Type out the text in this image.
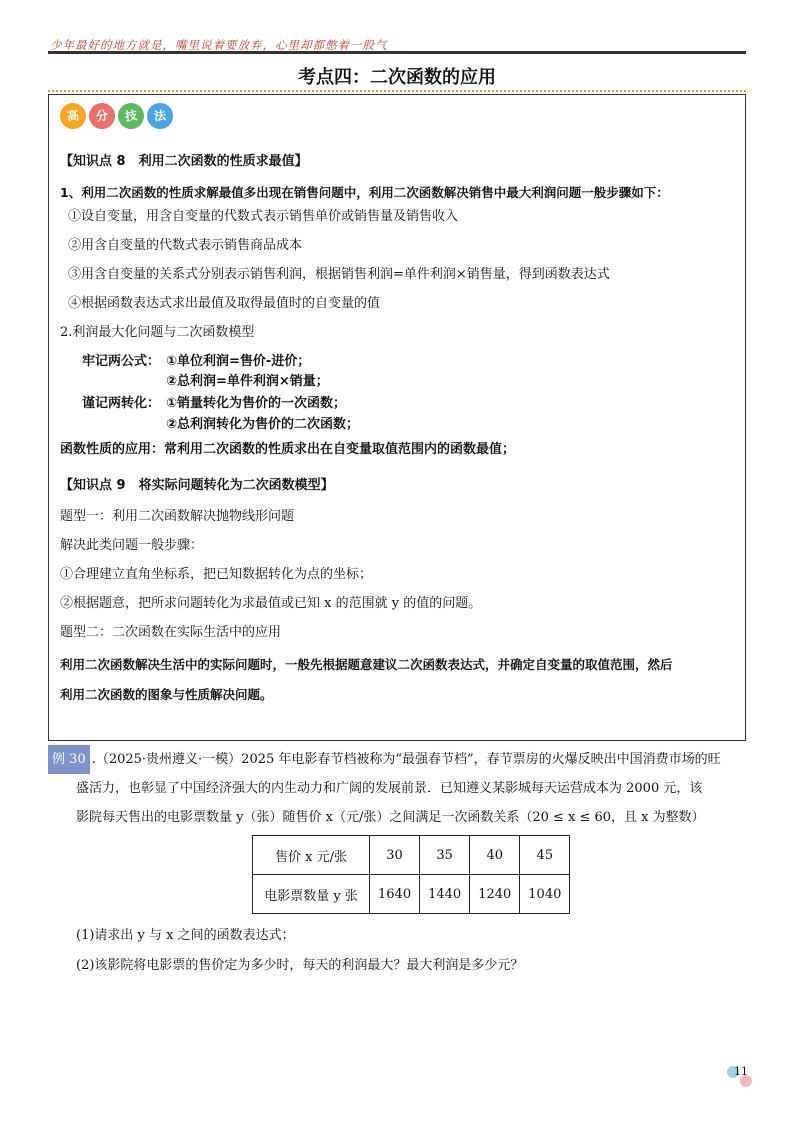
少年最好的地方就是，嘴里说着要放弃，心里却都憋着一股气
考点四：二次函数的应用
高 分 技 法
【知识点 8　利用二次函数的性质求最值】
1、利用二次函数的性质求解最值多出现在销售问题中，利用二次函数解决销售中最大利润问题一般步骤如下：
①设自变量，用含自变量的代数式表示销售单价或销售量及销售收入
②用含自变量的代数式表示销售商品成本
③用含自变量的关系式分别表示销售利润，根据销售利润=单件利润×销售量，得到函数表达式
④根据函数表达式求出最值及取得最值时的自变量的值
2.利润最大化问题与二次函数模型
牢记两公式： ①单位利润=售价-进价；
②总利润=单件利润×销量；
谨记两转化： ①销量转化为售价的一次函数；
②总利润转化为售价的二次函数；
函数性质的应用：常利用二次函数的性质求出在自变量取值范围内的函数最值；
【知识点 9　将实际问题转化为二次函数模型】
题型一：利用二次函数解决抛物线形问题
解决此类问题一般步骤：
①合理建立直角坐标系，把已知数据转化为点的坐标；
②根据题意，把所求问题转化为求最值或已知 x 的范围就 y 的值的问题。
题型二：二次函数在实际生活中的应用
利用二次函数解决生活中的实际问题时，一般先根据题意建议二次函数表达式，并确定自变量的取值范围，然后
利用二次函数的图象与性质解决问题。
例 30 .（2025·贵州遵义·一模）2025 年电影春节档被称为“最强春节档”，春节票房的火爆反映出中国消费市场的旺
盛活力，也彰显了中国经济强大的内生动力和广阔的发展前景．已知遵义某影城每天运营成本为 2000 元，该
影院每天售出的电影票数量 y（张）随售价 x（元/张）之间满足一次函数关系（20 ≤ x ≤ 60，且 x 为整数）
售价 x 元/张	30	35	40	45
电影票数量 y 张	1640	1440	1240	1040
(1)请求出 y 与 x 之间的函数表达式；
(2)该影院将电影票的售价定为多少时，每天的利润最大？最大利润是多少元？
11
